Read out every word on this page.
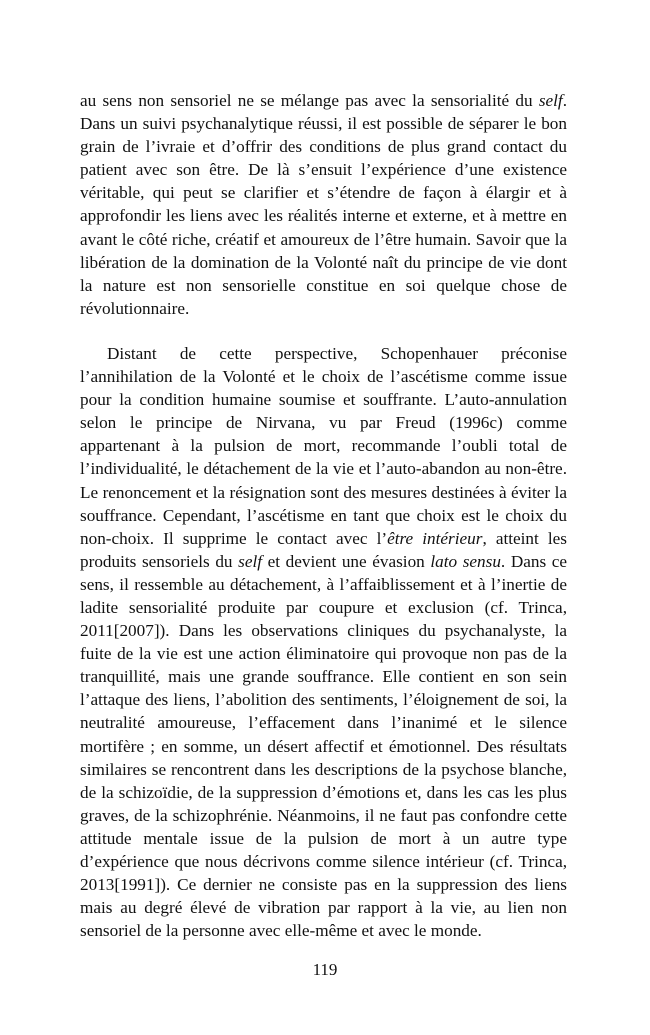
au sens non sensoriel ne se mélange pas avec la sensorialité du self. Dans un suivi psychanalytique réussi, il est possible de séparer le bon grain de l’ivraie et d’offrir des conditions de plus grand contact du patient avec son être. De là s’ensuit l’expérience d’une existence véritable, qui peut se clarifier et s’étendre de façon à élargir et à approfondir les liens avec les réalités interne et externe, et à mettre en avant le côté riche, créatif et amoureux de l’être humain. Savoir que la libération de la domination de la Volonté naît du principe de vie dont la nature est non sensorielle constitue en soi quelque chose de révolutionnaire.

Distant de cette perspective, Schopenhauer préconise l’annihilation de la Volonté et le choix de l’ascétisme comme issue pour la condition humaine soumise et souffrante. L’auto-annulation selon le principe de Nirvana, vu par Freud (1996c) comme appartenant à la pulsion de mort, recommande l’oubli total de l’individualité, le détachement de la vie et l’auto-abandon au non-être. Le renoncement et la résignation sont des mesures destinées à éviter la souffrance. Cependant, l’ascétisme en tant que choix est le choix du non-choix. Il supprime le contact avec l’être intérieur, atteint les produits sensoriels du self et devient une évasion lato sensu. Dans ce sens, il ressemble au détachement, à l’affaiblissement et à l’inertie de ladite sensorialité produite par coupure et exclusion (cf. Trinca, 2011[2007]). Dans les observations cliniques du psychanalyste, la fuite de la vie est une action éliminatoire qui provoque non pas de la tranquillité, mais une grande souffrance. Elle contient en son sein l’attaque des liens, l’abolition des sentiments, l’éloignement de soi, la neutralité amoureuse, l’effacement dans l’inanimé et le silence mortifère ; en somme, un désert affectif et émotionnel. Des résultats similaires se rencontrent dans les descriptions de la psychose blanche, de la schizoïdie, de la suppression d’émotions et, dans les cas les plus graves, de la schizophrénie. Néanmoins, il ne faut pas confondre cette attitude mentale issue de la pulsion de mort à un autre type d’expérience que nous décrivons comme silence intérieur (cf. Trinca, 2013[1991]). Ce dernier ne consiste pas en la suppression des liens mais au degré élevé de vibration par rapport à la vie, au lien non sensoriel de la personne avec elle-même et avec le monde.

119
